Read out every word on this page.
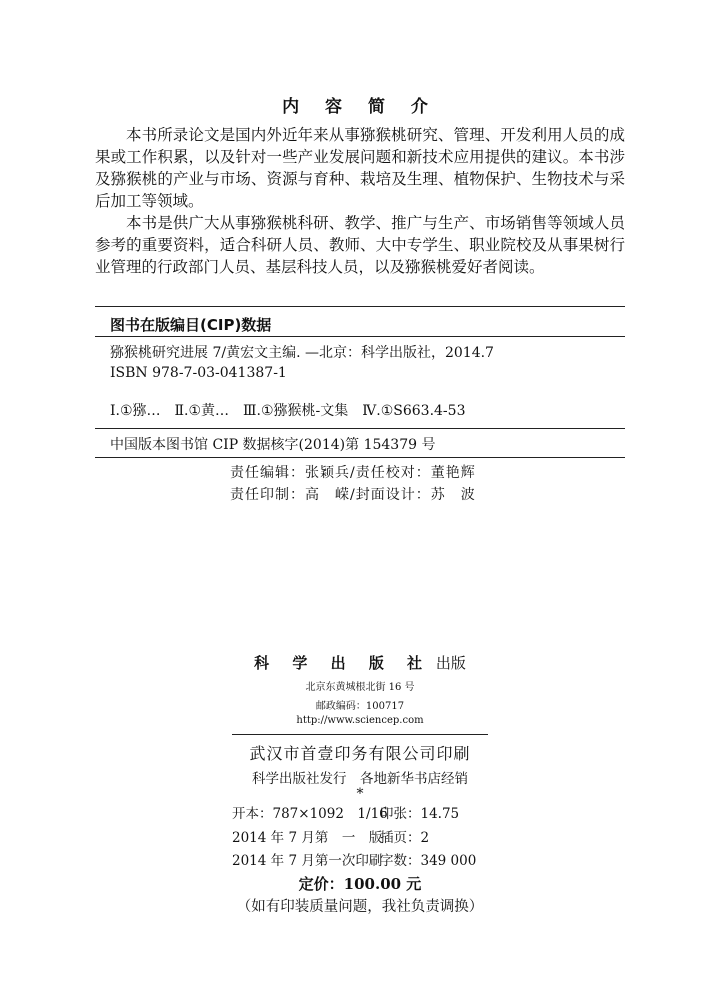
内 容 简 介
本书所录论文是国内外近年来从事猕猴桃研究、管理、开发利用人员的成果或工作积累，以及针对一些产业发展问题和新技术应用提供的建议。本书涉及猕猴桃的产业与市场、资源与育种、栽培及生理、植物保护、生物技术与采后加工等领域。
本书是供广大从事猕猴桃科研、教学、推广与生产、市场销售等领域人员参考的重要资料，适合科研人员、教师、大中专学生、职业院校及从事果树行业管理的行政部门人员、基层科技人员，以及猕猴桃爱好者阅读。
图书在版编目(CIP)数据
猕猴桃研究进展 7/黄宏文主编. —北京：科学出版社，2014.7
ISBN 978-7-03-041387-1
Ⅰ.①猕…　Ⅱ.①黄…　Ⅲ.①猕猴桃-文集　Ⅳ.①S663.4-53
中国版本图书馆 CIP 数据核字(2014)第 154379 号
责任编辑：张颖兵/责任校对：董艳辉
责任印制：高　嵘/封面设计：苏　波
科 学 出 版 社 出版
北京东黄城根北街 16 号
邮政编码：100717
http://www.sciencep.com
武汉市首壹印务有限公司印刷
科学出版社发行　各地新华书店经销
*
开本：787×1092　1/16
印张：14.75
2014 年 7 月第　一　版
插页：2
2014 年 7 月第一次印刷
字数：349 000
定价：100.00 元
（如有印装质量问题，我社负责调换）
